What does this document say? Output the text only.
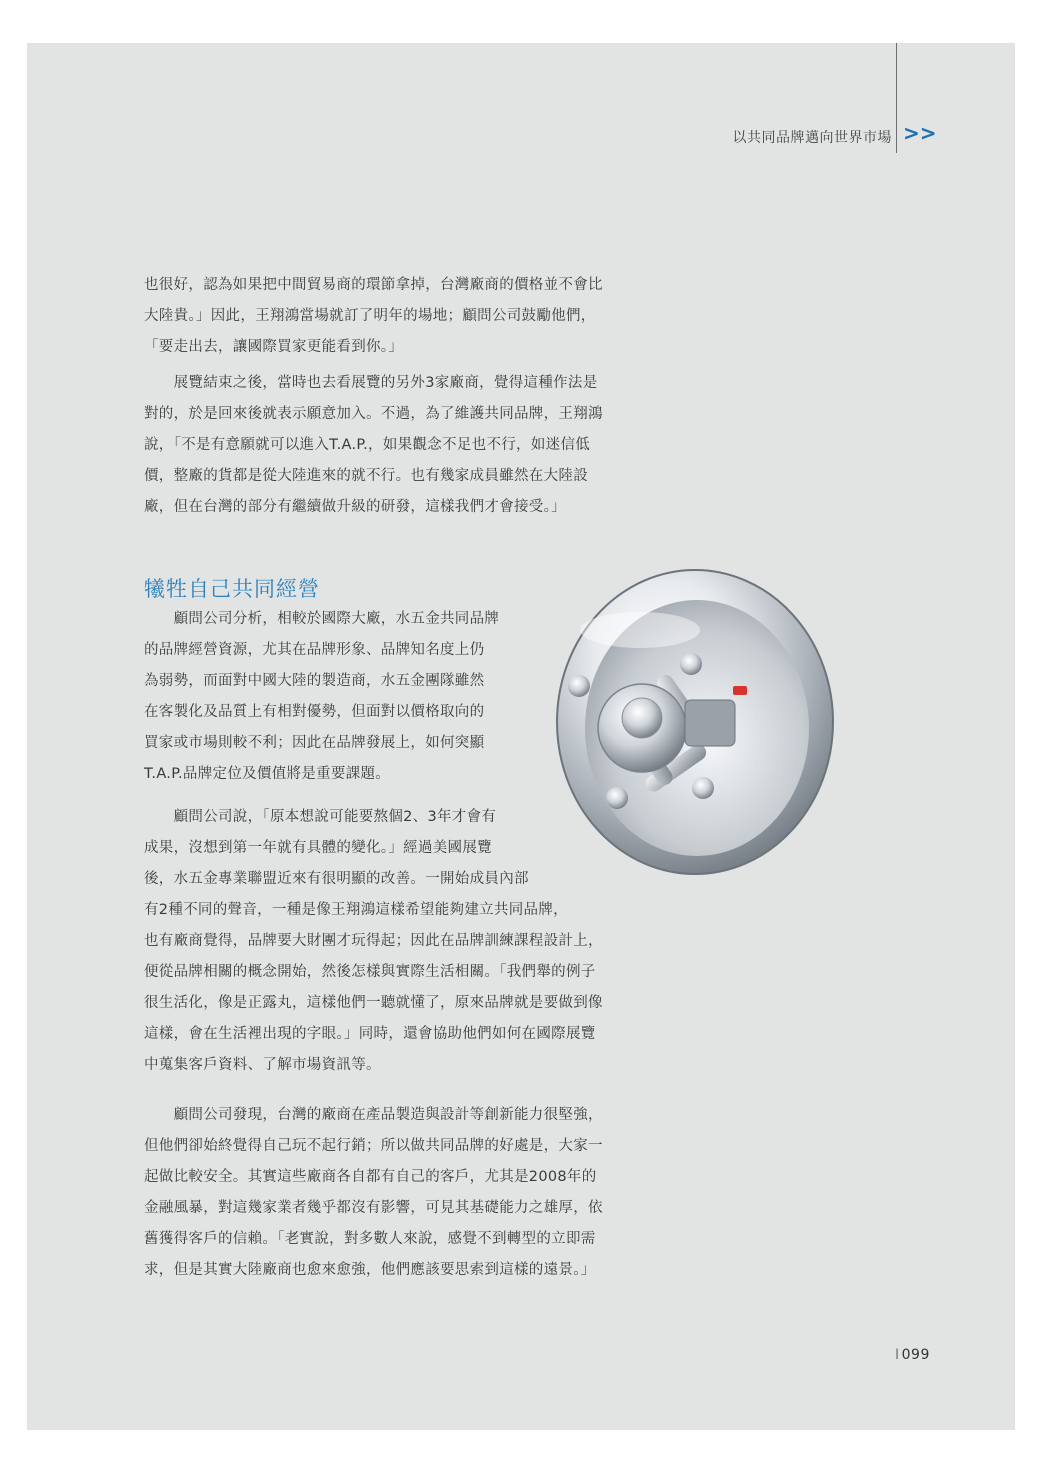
以共同品牌邁向世界市場 >>
也很好，認為如果把中間貿易商的環節拿掉，台灣廠商的價格並不會比
大陸貴。」因此，王翔鴻當場就訂了明年的場地；顧問公司鼓勵他們，
「要走出去，讓國際買家更能看到你。」
　　展覽結束之後，當時也去看展覽的另外3家廠商，覺得這種作法是
對的，於是回來後就表示願意加入。不過，為了維護共同品牌，王翔鴻
說，「不是有意願就可以進入T.A.P.，如果觀念不足也不行，如迷信低
價，整廠的貨都是從大陸進來的就不行。也有幾家成員雖然在大陸設
廠，但在台灣的部分有繼續做升級的研發，這樣我們才會接受。」
犧牲自己共同經營
　　顧問公司分析，相較於國際大廠，水五金共同品牌
的品牌經營資源，尤其在品牌形象、品牌知名度上仍
為弱勢，而面對中國大陸的製造商，水五金團隊雖然
在客製化及品質上有相對優勢，但面對以價格取向的
買家或市場則較不利；因此在品牌發展上，如何突顯
T.A.P.品牌定位及價值將是重要課題。
　　顧問公司說，「原本想說可能要熬個2、3年才會有
成果，沒想到第一年就有具體的變化。」經過美國展覽
後，水五金專業聯盟近來有很明顯的改善。一開始成員內部
有2種不同的聲音，一種是像王翔鴻這樣希望能夠建立共同品牌，
也有廠商覺得，品牌要大財團才玩得起；因此在品牌訓練課程設計上，
便從品牌相關的概念開始，然後怎樣與實際生活相關。「我們舉的例子
很生活化，像是正露丸，這樣他們一聽就懂了，原來品牌就是要做到像
這樣，會在生活裡出現的字眼。」同時，還會協助他們如何在國際展覽
中蒐集客戶資料、了解市場資訊等。
　　顧問公司發現，台灣的廠商在產品製造與設計等創新能力很堅強，
但他們卻始終覺得自己玩不起行銷；所以做共同品牌的好處是，大家一
起做比較安全。其實這些廠商各自都有自己的客戶，尤其是2008年的
金融風暴，對這幾家業者幾乎都沒有影響，可見其基礎能力之雄厚，依
舊獲得客戶的信賴。「老實說，對多數人來說，感覺不到轉型的立即需
求，但是其實大陸廠商也愈來愈強，他們應該要思索到這樣的遠景。」
I 099
